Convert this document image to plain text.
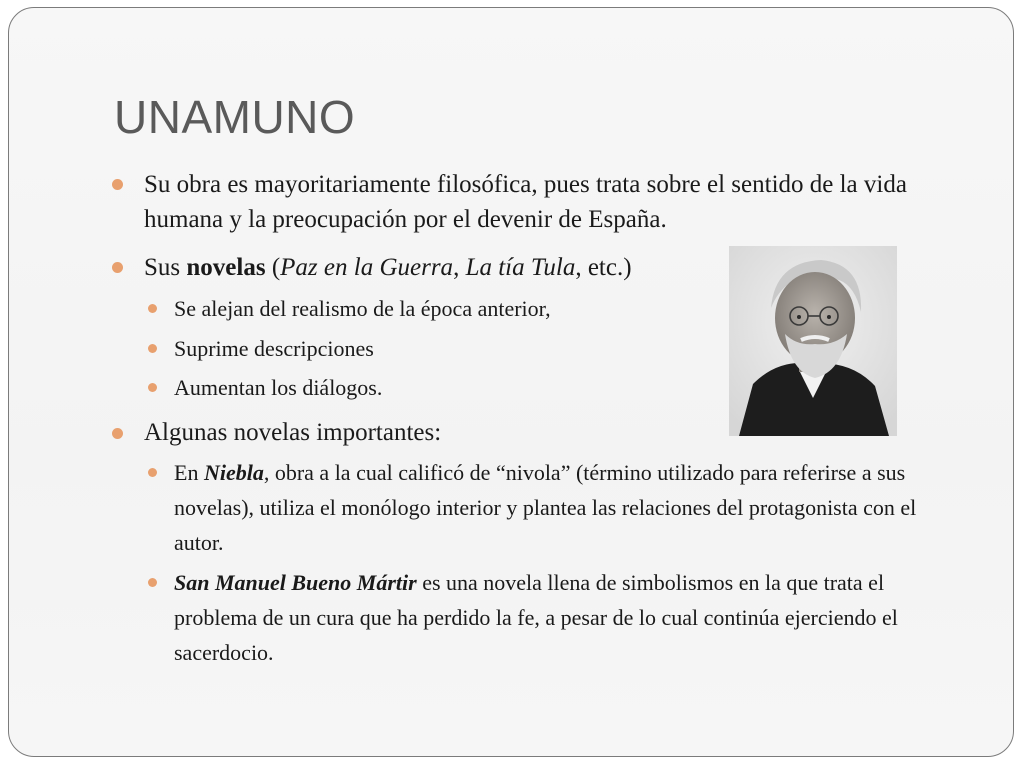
UNAMUNO

Su obra es mayoritariamente filosófica, pues trata sobre el sentido de la vida humana y la preocupación por el devenir de España.

Sus novelas (Paz en la Guerra, La tía Tula, etc.)

Se alejan del realismo de la época anterior,

Suprime descripciones

Aumentan los diálogos.

Algunas novelas importantes:

En Niebla, obra a la cual calificó de “nivola” (término utilizado para referirse a sus novelas), utiliza el monólogo interior y plantea las relaciones del protagonista con el autor.

San Manuel Bueno Mártir es una novela llena de simbolismos en la que trata el problema de un cura que ha perdido la fe, a pesar de lo cual continúa ejerciendo el sacerdocio.
